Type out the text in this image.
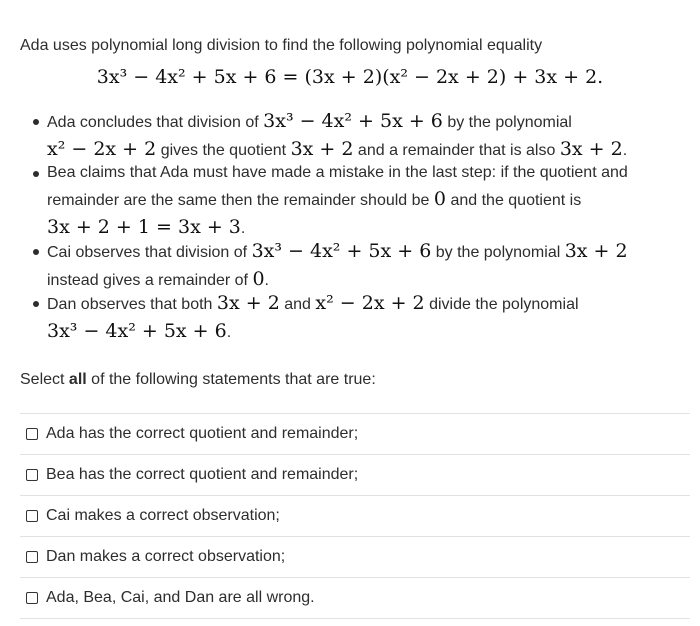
Ada uses polynomial long division to find the following polynomial equality
3x³ − 4x² + 5x + 6 = (3x + 2)(x² − 2x + 2) + 3x + 2.
Ada concludes that division of 3x³ − 4x² + 5x + 6 by the polynomial
x² − 2x + 2 gives the quotient 3x + 2 and a remainder that is also 3x + 2.
Bea claims that Ada must have made a mistake in the last step: if the quotient and remainder are the same then the remainder should be 0 and the quotient is
3x + 2 + 1 = 3x + 3.
Cai observes that division of 3x³ − 4x² + 5x + 6 by the polynomial 3x + 2
instead gives a remainder of 0.
Dan observes that both 3x + 2 and x² − 2x + 2 divide the polynomial
3x³ − 4x² + 5x + 6.
Select all of the following statements that are true:
Ada has the correct quotient and remainder;
Bea has the correct quotient and remainder;
Cai makes a correct observation;
Dan makes a correct observation;
Ada, Bea, Cai, and Dan are all wrong.
